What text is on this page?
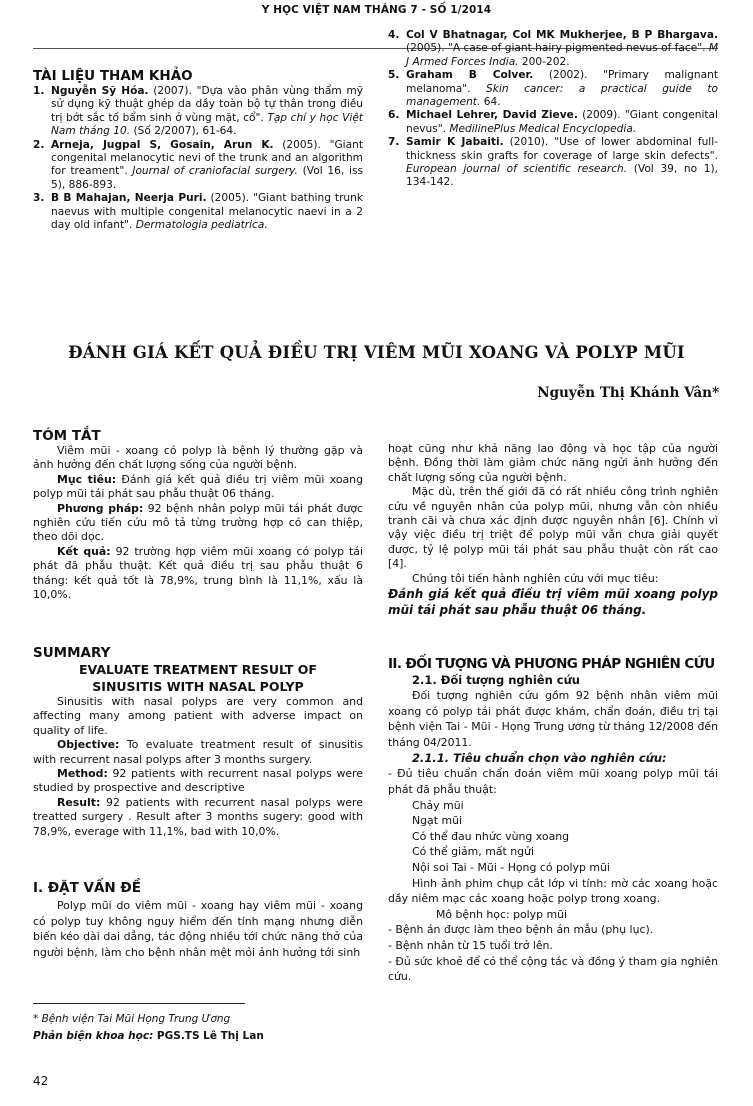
Y HỌC VIỆT NAM THÁNG 7 - SỐ 1/2014
TÀI LIỆU THAM KHẢO
1. Nguyễn Sỹ Hóa. (2007). "Dựa vào phân vùng thẩm mỹ sử dụng kỹ thuật ghép da dầy toàn bộ tự thân trong điều trị bớt sắc tố bẩm sinh ở vùng mặt, cổ". Tạp chí y học Việt Nam tháng 10. (Số 2/2007), 61-64.
2. Arneja, Jugpal S, Gosain, Arun K. (2005). "Giant congenital melanocytic nevi of the trunk and an algorithm for treament". Journal of craniofacial surgery. (Vol 16, iss 5), 886-893.
3. B B Mahajan, Neerja Puri. (2005). "Giant bathing trunk naevus with multiple congenital melanocytic naevi in a 2 day old infant". Dermatologia pediatrica.
4. Col V Bhatnagar, Col MK Mukherjee, B P Bhargava. (2005). "A case of giant hairy pigmented nevus of face". M J Armed Forces India. 200-202.
5. Graham B Colver. (2002). "Primary malignant melanoma". Skin cancer: a practical guide to management. 64.
6. Michael Lehrer, David Zieve. (2009). "Giant congenital nevus". MedilinePlus Medical Encyclopedia.
7. Samir K Jabaiti. (2010). "Use of lower abdominal full-thickness skin grafts for coverage of large skin defects". European journal of scientific research. (Vol 39, no 1), 134-142.
ĐÁNH GIÁ KẾT QUẢ ĐIỀU TRỊ VIÊM MŨI XOANG VÀ POLYP MŨI
Nguyễn Thị Khánh Vân*
TÓM TẮT

Viêm mũi - xoang có polyp là bệnh lý thường gặp và ảnh hưởng đến chất lượng sống của người bệnh.

Mục tiêu: Đánh giá kết quả điều trị viêm mũi xoang polyp mũi tái phát sau phẫu thuật 06 tháng.

Phương pháp: 92 bệnh nhân polyp mũi tái phát được nghiên cứu tiến cứu mô tả từng trường hợp có can thiệp, theo dõi dọc.

Kết quả: 92 trường hợp viêm mũi xoang có polyp tái phát đã phẫu thuật. Kết quả điều trị sau phẫu thuật 6 tháng: kết quả tốt là 78,9%, trung bình là 11,1%, xấu là 10,0%.

SUMMARY
EVALUATE TREATMENT RESULT OF
SINUSITIS WITH NASAL POLYP

Sinusitis with nasal polyps are very common and affecting many among patient with adverse impact on quality of life.

Objective: To evaluate treatment result of sinusitis with recurrent nasal polyps after 3 months surgery.

Method: 92 patients with recurrent nasal polyps were studied by prospective and descriptive

Result: 92 patients with recurrent nasal polyps were treatted surgery . Result after 3 months sugery: good with 78,9%, everage with 11,1%, bad with 10,0%.

I. ĐẶT VẤN ĐỀ

Polyp mũi do viêm mũi - xoang hay viêm mũi - xoang có polyp tuy không nguy hiểm đến tính mạng nhưng diễn biến kéo dài dai dẳng, tác động nhiều tới chức năng thở của người bệnh, làm cho bệnh nhân mệt mỏi ảnh hưởng tới sinh

* Bệnh viện Tai Mũi Họng Trung Ương
Phản biện khoa học: PGS.TS Lê Thị Lan
42

hoạt cũng như khả năng lao động và học tập của người bệnh. Đồng thời làm giảm chức năng ngửi ảnh hưởng đến chất lượng sống của người bệnh.

Mặc dù, trên thế giới đã có rất nhiều công trình nghiên cứu về nguyên nhân của polyp mũi, nhưng vẫn còn nhiều tranh cãi và chưa xác định được nguyên nhân [6]. Chính vì vậy việc điều trị triệt để polyp mũi vẫn chưa giải quyết được, tỷ lệ polyp mũi tái phát sau phẫu thuật còn rất cao [4].

Chúng tôi tiến hành nghiên cứu với mục tiêu:

Đánh giá kết quả điều trị viêm mũi xoang polyp mũi tái phát sau phẫu thuật 06 tháng.
II. ĐỐI TƯỢNG VÀ PHƯƠNG PHÁP NGHIÊN CỨU
2.1. Đối tượng nghiên cứu

Đối tượng nghiên cứu gồm 92 bệnh nhân viêm mũi xoang có polyp tái phát được khám, chẩn đoán, điều trị tại bệnh viện Tai - Mũi - Họng Trung ương từ tháng 12/2008 đến tháng 04/2011.

2.1.1. Tiêu chuẩn chọn vào nghiên cứu:

- Đủ tiêu chuẩn chẩn đoán viêm mũi xoang polyp mũi tái phát đã phẫu thuật:

Chảy mũi

Ngạt mũi

Có thể đau nhức vùng xoang

Có thể giảm, mất ngửi

Nội soi Tai - Mũi - Họng có polyp mũi

Hình ảnh phim chụp cắt lớp vi tính: mờ các xoang hoặc dầy niêm mạc các xoang hoặc polyp trong xoang.

Mô bệnh học: polyp mũi

- Bệnh án được làm theo bệnh án mẫu (phụ lục).

- Bệnh nhân từ 15 tuổi trở lên.

- Đủ sức khoẻ để có thể cộng tác và đồng ý tham gia nghiên cứu.
